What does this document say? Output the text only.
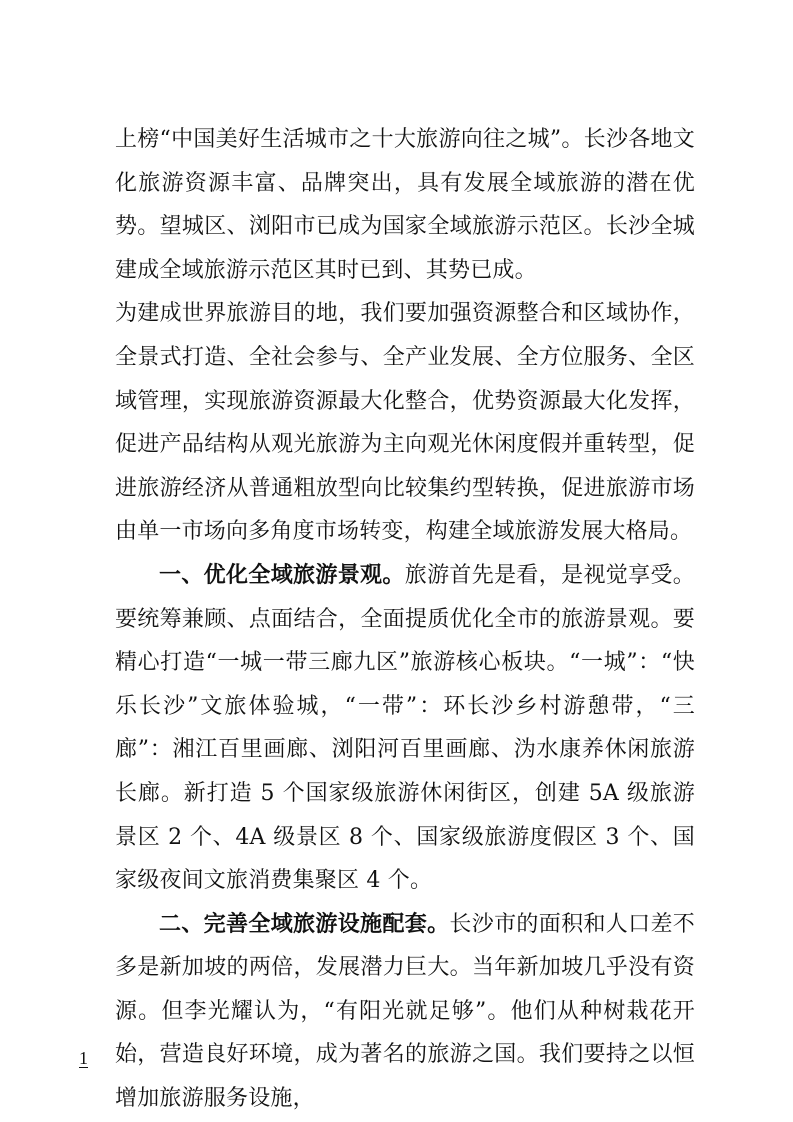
上榜“中国美好生活城市之十大旅游向往之城”。长沙各地文化旅游资源丰富、品牌突出，具有发展全域旅游的潜在优势。望城区、浏阳市已成为国家全域旅游示范区。长沙全城建成全域旅游示范区其时已到、其势已成。

为建成世界旅游目的地，我们要加强资源整合和区域协作，全景式打造、全社会参与、全产业发展、全方位服务、全区域管理，实现旅游资源最大化整合，优势资源最大化发挥，促进产品结构从观光旅游为主向观光休闲度假并重转型，促进旅游经济从普通粗放型向比较集约型转换，促进旅游市场由单一市场向多角度市场转变，构建全域旅游发展大格局。

一、优化全域旅游景观。旅游首先是看，是视觉享受。要统筹兼顾、点面结合，全面提质优化全市的旅游景观。要精心打造“一城一带三廊九区”旅游核心板块。“一城”：“快乐长沙”文旅体验城，“一带”：环长沙乡村游憩带，“三廊”：湘江百里画廊、浏阳河百里画廊、沩水康养休闲旅游长廊。新打造 5 个国家级旅游休闲街区，创建 5A 级旅游景区 2 个、4A 级景区 8 个、国家级旅游度假区 3 个、国家级夜间文旅消费集聚区 4 个。

二、完善全域旅游设施配套。长沙市的面积和人口差不多是新加坡的两倍，发展潜力巨大。当年新加坡几乎没有资源。但李光耀认为，“有阳光就足够”。他们从种树栽花开始，营造良好环境，成为著名的旅游之国。我们要持之以恒增加旅游服务设施，

1
